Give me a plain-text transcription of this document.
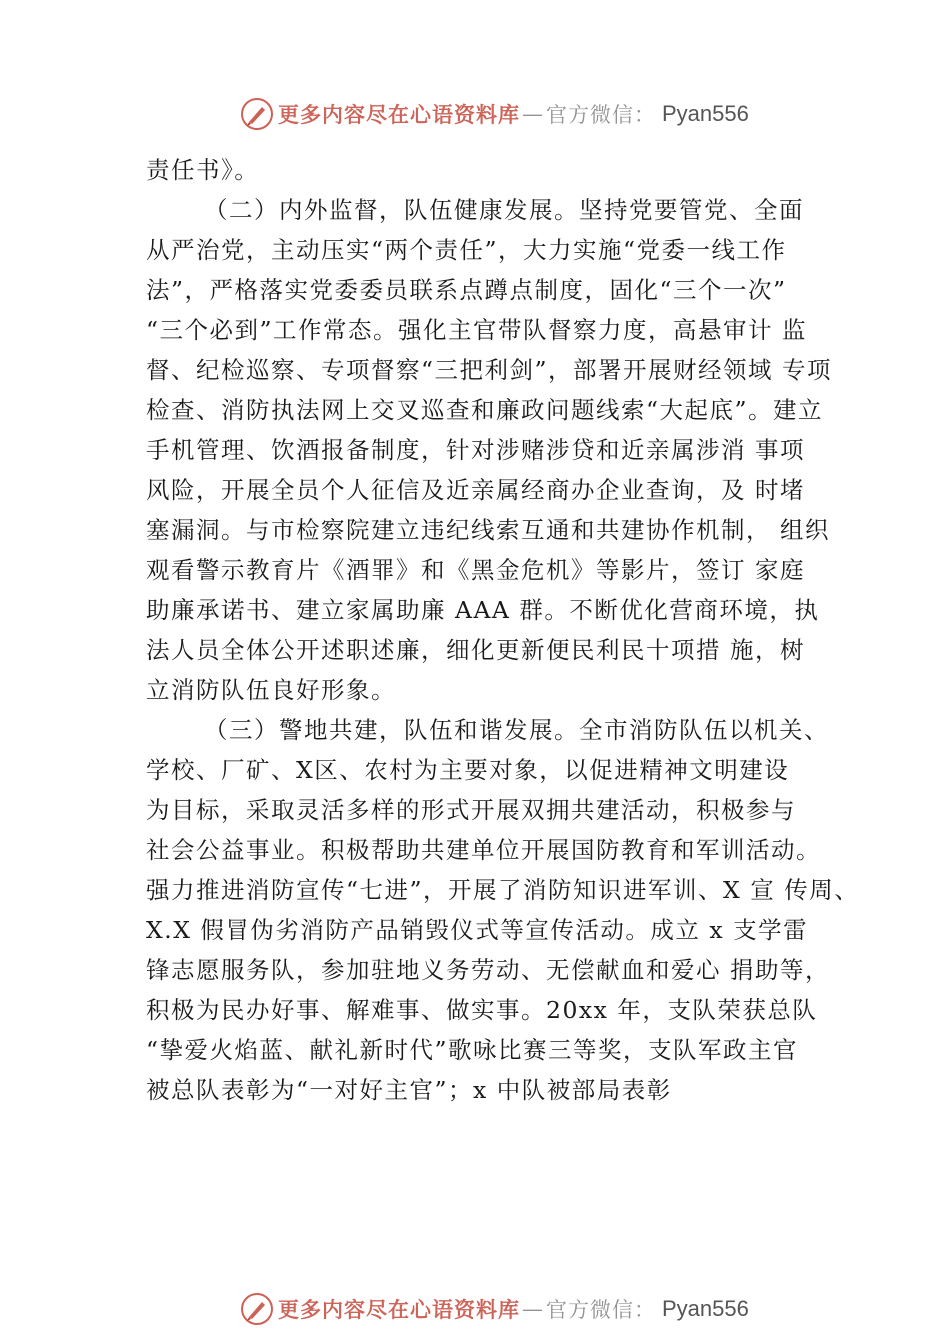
更多内容尽在心语资料库 — 官方微信： Pyan556
责任书》。
（二）内外监督，队伍健康发展。坚持党要管党、全面
从严治党，主动压实“两个责任”，大力实施“党委一线工作
法”，严格落实党委委员联系点蹲点制度，固化“三个一次”
“三个必到”工作常态。强化主官带队督察力度，高悬审计 监
督、纪检巡察、专项督察“三把利剑”，部署开展财经领域 专项
检查、消防执法网上交叉巡查和廉政问题线索“大起底”。建立
手机管理、饮酒报备制度，针对涉赌涉贷和近亲属涉消 事项
风险，开展全员个人征信及近亲属经商办企业查询，及 时堵
塞漏洞。与市检察院建立违纪线索互通和共建协作机制， 组织
观看警示教育片《酒罪》和《黑金危机》等影片，签订 家庭
助廉承诺书、建立家属助廉 AAA 群。不断优化营商环境，执
法人员全体公开述职述廉，细化更新便民利民十项措 施，树
立消防队伍良好形象。
（三）警地共建，队伍和谐发展。全市消防队伍以机关、
学校、厂矿、X区、农村为主要对象，以促进精神文明建设
为目标，采取灵活多样的形式开展双拥共建活动，积极参与
社会公益事业。积极帮助共建单位开展国防教育和军训活动。
强力推进消防宣传“七进”，开展了消防知识进军训、X 宣 传周、
X.X 假冒伪劣消防产品销毁仪式等宣传活动。成立 x 支学雷
锋志愿服务队，参加驻地义务劳动、无偿献血和爱心 捐助等，
积极为民办好事、解难事、做实事。20xx 年，支队荣获总队
“挚爱火焰蓝、献礼新时代”歌咏比赛三等奖，支队军政主官
被总队表彰为“一对好主官”；x 中队被部局表彰
更多内容尽在心语资料库 — 官方微信： Pyan556
